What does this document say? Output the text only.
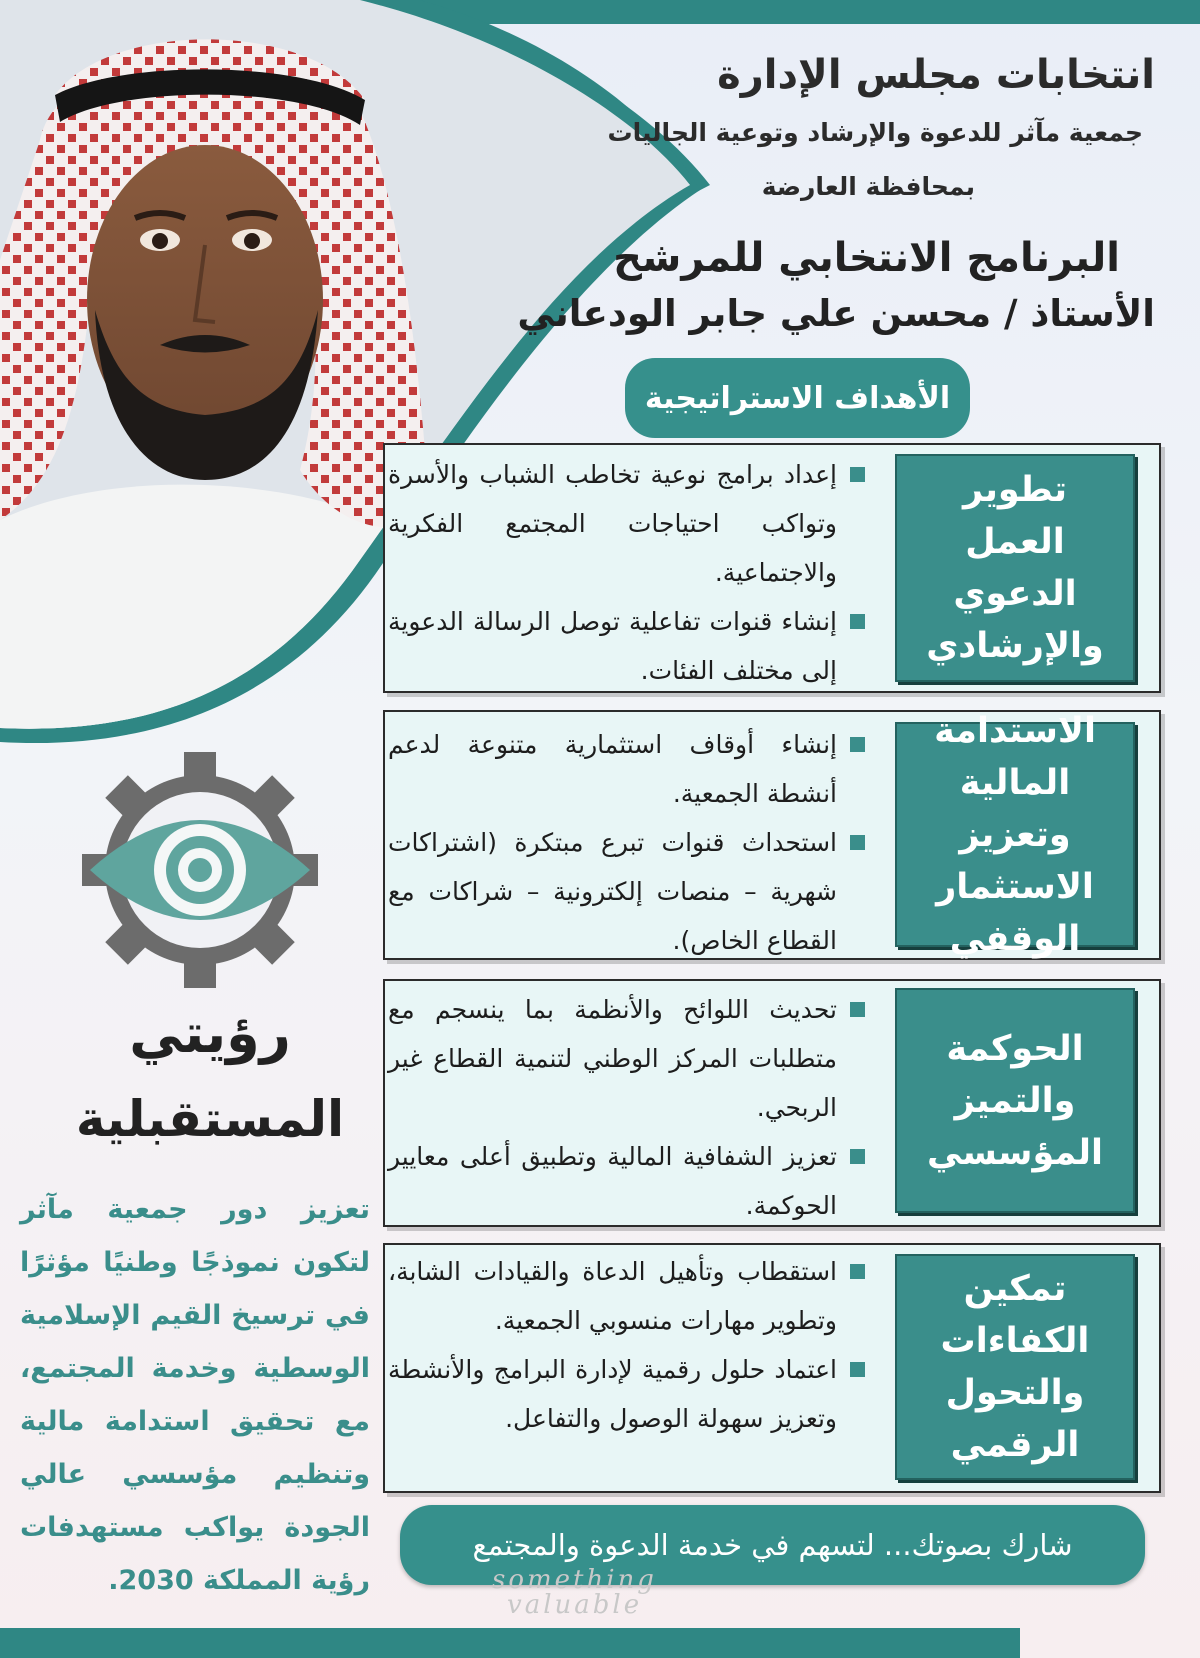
انتخابات مجلس الإدارة
جمعية مآثر للدعوة والإرشاد وتوعية الجاليات
بمحافظة العارضة
البرنامج الانتخابي للمرشح
الأستاذ / محسن علي جابر الودعاني
الأهداف الاستراتيجية
تطوير العمل الدعوي والإرشادي

إعداد برامج نوعية تخاطب الشباب والأسرة وتواكب احتياجات المجتمع الفكرية والاجتماعية.

إنشاء قنوات تفاعلية توصل الرسالة الدعوية إلى مختلف الفئات.

الاستدامة المالية وتعزيز الاستثمار الوقفي

إنشاء أوقاف استثمارية متنوعة لدعم أنشطة الجمعية.

استحداث قنوات تبرع مبتكرة (اشتراكات شهرية – منصات إلكترونية – شراكات مع القطاع الخاص).

الحوكمة والتميز المؤسسي

تحديث اللوائح والأنظمة بما ينسجم مع متطلبات المركز الوطني لتنمية القطاع غير الربحي.

تعزيز الشفافية المالية وتطبيق أعلى معايير الحوكمة.

تمكين الكفاءات والتحول الرقمي

استقطاب وتأهيل الدعاة والقيادات الشابة، وتطوير مهارات منسوبي الجمعية.

اعتماد حلول رقمية لإدارة البرامج والأنشطة وتعزيز سهولة الوصول والتفاعل.

رؤيتي
المستقبلية
تعزيز دور جمعية مآثر لتكون نموذجًا وطنيًا مؤثرًا في ترسيخ القيم الإسلامية الوسطية وخدمة المجتمع، مع تحقيق استدامة مالية وتنظيم مؤسسي عالي الجودة يواكب مستهدفات رؤية المملكة 2030.
شارك بصوتك... لتسهم في خدمة الدعوة والمجتمع
something
valuable
